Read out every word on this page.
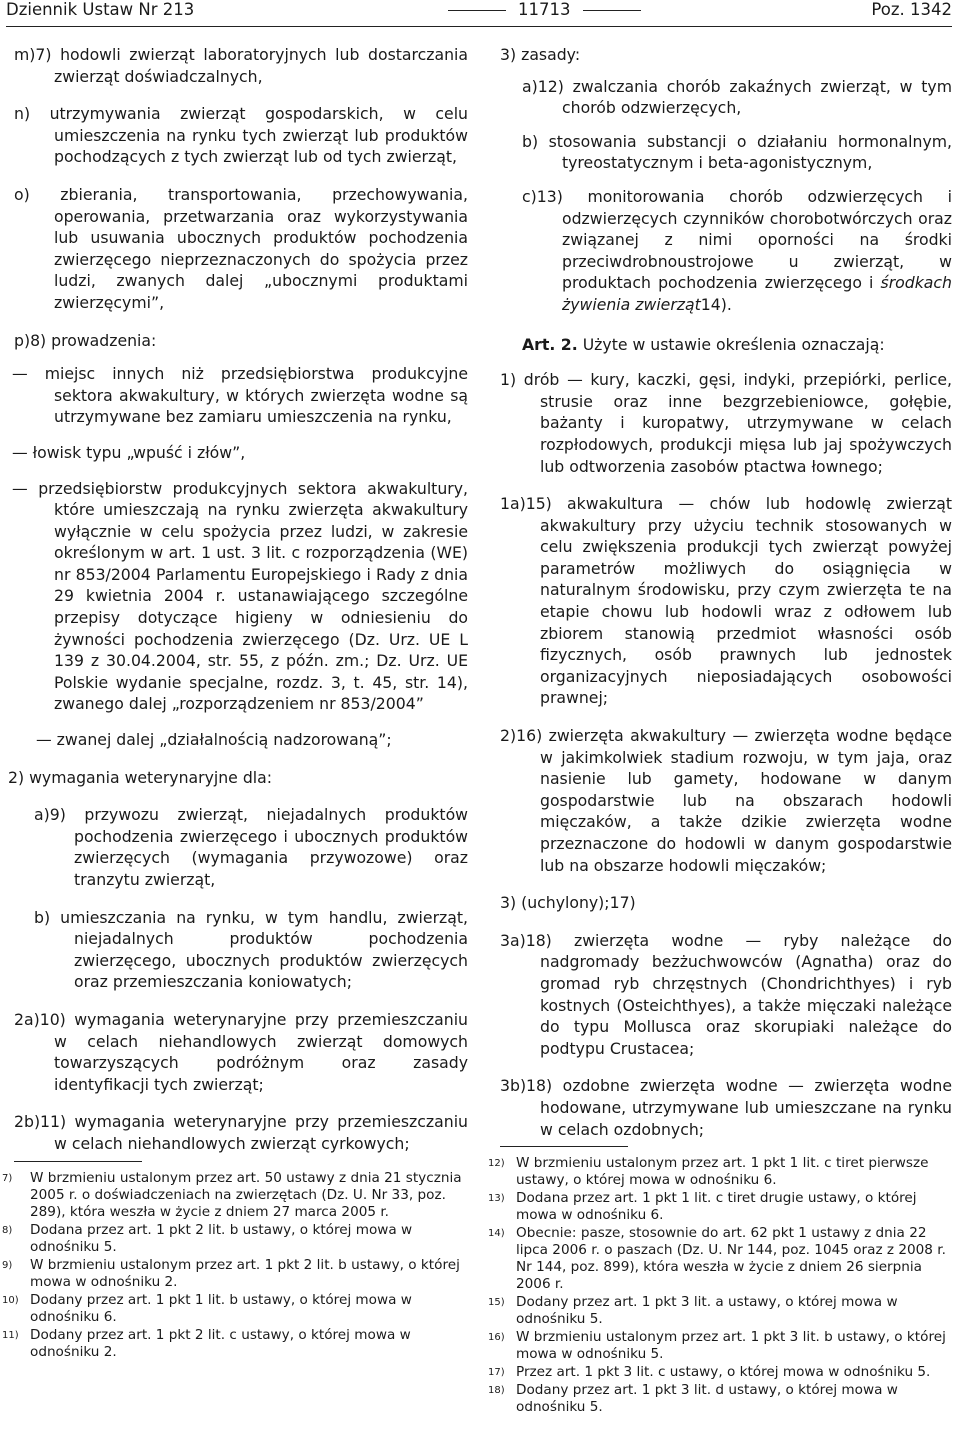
Dziennik Ustaw Nr 213	11713	Poz. 1342
m)7) hodowli zwierząt laboratoryjnych lub dostarczania zwierząt doświadczalnych,
n) utrzymywania zwierząt gospodarskich, w celu umieszczenia na rynku tych zwierząt lub produktów pochodzących z tych zwierząt lub od tych zwierząt,
o) zbierania, transportowania, przechowywania, operowania, przetwarzania oraz wykorzystywania lub usuwania ubocznych produktów pochodzenia zwierzęcego nieprzeznaczonych do spożycia przez ludzi, zwanych dalej „ubocznymi produktami zwierzęcymi”,
p)8) prowadzenia:
— miejsc innych niż przedsiębiorstwa produkcyjne sektora akwakultury, w których zwierzęta wodne są utrzymywane bez zamiaru umieszczenia na rynku,
— łowisk typu „wpuść i złów”,
— przedsiębiorstw produkcyjnych sektora akwakultury, które umieszczają na rynku zwierzęta akwakultury wyłącznie w celu spożycia przez ludzi, w zakresie określonym w art. 1 ust. 3 lit. c rozporządzenia (WE) nr 853/2004 Parlamentu Europejskiego i Rady z dnia 29 kwietnia 2004 r. ustanawiającego szczególne przepisy dotyczące higieny w odniesieniu do żywności pochodzenia zwierzęcego (Dz. Urz. UE L 139 z 30.04.2004, str. 55, z późn. zm.; Dz. Urz. UE Polskie wydanie specjalne, rozdz. 3, t. 45, str. 14), zwanego dalej „rozporządzeniem nr 853/2004”
— zwanej dalej „działalnością nadzorowaną”;
2) wymagania weterynaryjne dla:
a)9) przywozu zwierząt, niejadalnych produktów pochodzenia zwierzęcego i ubocznych produktów zwierzęcych (wymagania przywozowe) oraz tranzytu zwierząt,
b) umieszczania na rynku, w tym handlu, zwierząt, niejadalnych produktów pochodzenia zwierzęcego, ubocznych produktów zwierzęcych oraz przemieszczania koniowatych;
2a)10) wymagania weterynaryjne przy przemieszczaniu w celach niehandlowych zwierząt domowych towarzyszących podróżnym oraz zasady identyfikacji tych zwierząt;
2b)11) wymagania weterynaryjne przy przemieszczaniu w celach niehandlowych zwierząt cyrkowych;
7) W brzmieniu ustalonym przez art. 50 ustawy z dnia 21 stycznia 2005 r. o doświadczeniach na zwierzętach (Dz. U. Nr 33, poz. 289), która weszła w życie z dniem 27 marca 2005 r.
8) Dodana przez art. 1 pkt 2 lit. b ustawy, o której mowa w odnośniku 5.
9) W brzmieniu ustalonym przez art. 1 pkt 2 lit. b ustawy, o której mowa w odnośniku 2.
10) Dodany przez art. 1 pkt 1 lit. b ustawy, o której mowa w odnośniku 6.
11) Dodany przez art. 1 pkt 2 lit. c ustawy, o której mowa w odnośniku 2.
3) zasady:
a)12) zwalczania chorób zakaźnych zwierząt, w tym chorób odzwierzęcych,
b) stosowania substancji o działaniu hormonalnym, tyreostatycznym i beta-agonistycznym,
c)13) monitorowania chorób odzwierzęcych i odzwierzęcych czynników chorobotwórczych oraz związanej z nimi oporności na środki przeciwdrobnoustrojowe u zwierząt, w produktach pochodzenia zwierzęcego i środkach żywienia zwierząt14).
Art. 2. Użyte w ustawie określenia oznaczają:
1) drób — kury, kaczki, gęsi, indyki, przepiórki, perlice, strusie oraz inne bezgrzebieniowce, gołębie, bażanty i kuropatwy, utrzymywane w celach rozpłodowych, produkcji mięsa lub jaj spożywczych lub odtworzenia zasobów ptactwa łownego;
1a)15) akwakultura — chów lub hodowlę zwierząt akwakultury przy użyciu technik stosowanych w celu zwiększenia produkcji tych zwierząt powyżej parametrów możliwych do osiągnięcia w naturalnym środowisku, przy czym zwierzęta te na etapie chowu lub hodowli wraz z odłowem lub zbiorem stanowią przedmiot własności osób fizycznych, osób prawnych lub jednostek organizacyjnych nieposiadających osobowości prawnej;
2)16) zwierzęta akwakultury — zwierzęta wodne będące w jakimkolwiek stadium rozwoju, w tym jaja, oraz nasienie lub gamety, hodowane w danym gospodarstwie lub na obszarach hodowli mięczaków, a także dzikie zwierzęta wodne przeznaczone do hodowli w danym gospodarstwie lub na obszarze hodowli mięczaków;
3) (uchylony);17)
3a)18) zwierzęta wodne — ryby należące do nadgromady bezżuchwowców (Agnatha) oraz do gromad ryb chrzęstnych (Chondrichthyes) i ryb kostnych (Osteichthyes), a także mięczaki należące do typu Mollusca oraz skorupiaki należące do podtypu Crustacea;
3b)18) ozdobne zwierzęta wodne — zwierzęta wodne hodowane, utrzymywane lub umieszczane na rynku w celach ozdobnych;
12) W brzmieniu ustalonym przez art. 1 pkt 1 lit. c tiret pierwsze ustawy, o której mowa w odnośniku 6.
13) Dodana przez art. 1 pkt 1 lit. c tiret drugie ustawy, o której mowa w odnośniku 6.
14) Obecnie: pasze, stosownie do art. 62 pkt 1 ustawy z dnia 22 lipca 2006 r. o paszach (Dz. U. Nr 144, poz. 1045 oraz z 2008 r. Nr 144, poz. 899), która weszła w życie z dniem 26 sierpnia 2006 r.
15) Dodany przez art. 1 pkt 3 lit. a ustawy, o której mowa w odnośniku 5.
16) W brzmieniu ustalonym przez art. 1 pkt 3 lit. b ustawy, o której mowa w odnośniku 5.
17) Przez art. 1 pkt 3 lit. c ustawy, o której mowa w odnośniku 5.
18) Dodany przez art. 1 pkt 3 lit. d ustawy, o której mowa w odnośniku 5.
